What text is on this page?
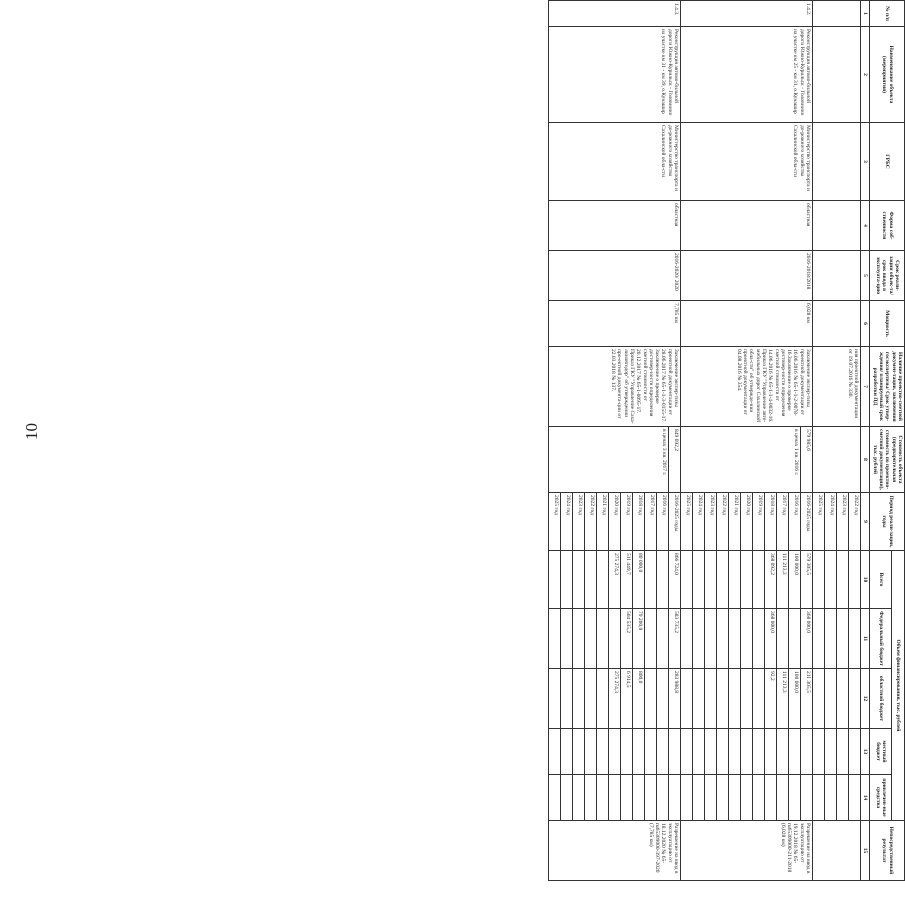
10
№ п/п	Наименование объекта (мероприятия)	ГРБС	Форма соб-ственности	Срок реали-зации объек-та/ срок ввода в эксплуата-цию	Мощность	Наличие проектно-сметной докумен-тации, заключения госэкспертизы/ Срок утвер-ждения/ планируемый срок разработки ПД	Стоимость объекта (предварительная стоимость по проектно-сметной документации), тыс. рублей	Период реали-зации, годы	Объем финансирования, тыс. рублей					Непосредственный результат
									Всего	Федеральный бюджет	областной бюджет	местный бюджет	привлечен-ные средства	
1	2	3	4	5	6	7	8	9	10	11	12	13	14	15
						ния проектной документации от 19.07.2016 № 330.		2022 год						
								2023 год						
								2024 год						
								2025 год						
1.4.2.	Реконструкция автомо-бильной дороги Южно-Курильск - Головнино на участке км 25 - км 31, о.Кунашир	Министерство транспорта и до-рожного хозяйства Сахалинской обла-сти	областная	2016-2018/2018	6,028 км	Заключение экспер-тизы проектной документации от 16.06.2016 № 65-1-1-2-0078-16.Заключение о проверке достовер-ности определения сметной стоимости от 14.06.2016 № 65-1-1-4-0032-16. Приказ ГКУ "Управление авто-мобильных дорог Сахалинской обла-сти" об утвержде-нии проектной документации от 04.08.2016 № 354.	579 985,6	2016-2025 годы	579 305,5	368 000,0	211 305,5			Разрешение на ввод в эксплуатацию от 19.12.2018 № 65-ru65309000-211-2018 (6,028 км)
							в ценах 1 кв. 2016 г.	2016 год	100 000,0		100 000,0			
								2017 год	111 213,3		111 213,3			
								2018 год	368 092,2	368 000,0	92,2			
								2019 год						
								2020 год						
								2021 год						
								2022 год						
								2023 год						
								2024 год						
								2025 год						
1.4.3.	Реконструкция автомо-бильной дороги Южно-Курильск - Головнино на участке км 31 - км 39, о.Кунашир	Министерство транспорта и до-рожного хозяйства Сахалинской обла-сти	областная	2016-2020/ 2020	7,785 км	Заключение экспер-тизы проектной документации от 28.06.2017 № 65-1-1-3-0155-17. Заключение о проверке достовер-ности определения сметной стоимости от 20.12.2017 № 65-1-0095-17. Приказ ГКУ "Управление Саха-линавтодор" об утверждении про-ектной документа-ции от 22.03.2018 № 137.	849 692,2	2016-2025 годы	866 724,0	583 735,2	283 988,8			Разрешение на ввод в эксплуатацию от 18.12.2020 № 65-ru65309000-397-2020 (7,785 км)
							в ценах 3 кв. 2017 г.	2016 год						
								2017 год						
								2018 год	80 000,0	79 200,0	800,0			
								2019 год	511 449,7	504 535,2	6 914,5			
								2020 год	275 274,3		275 274,3			
								2021 год						
								2022 год						
								2023 год						
								2024 год						
								2025 год						
